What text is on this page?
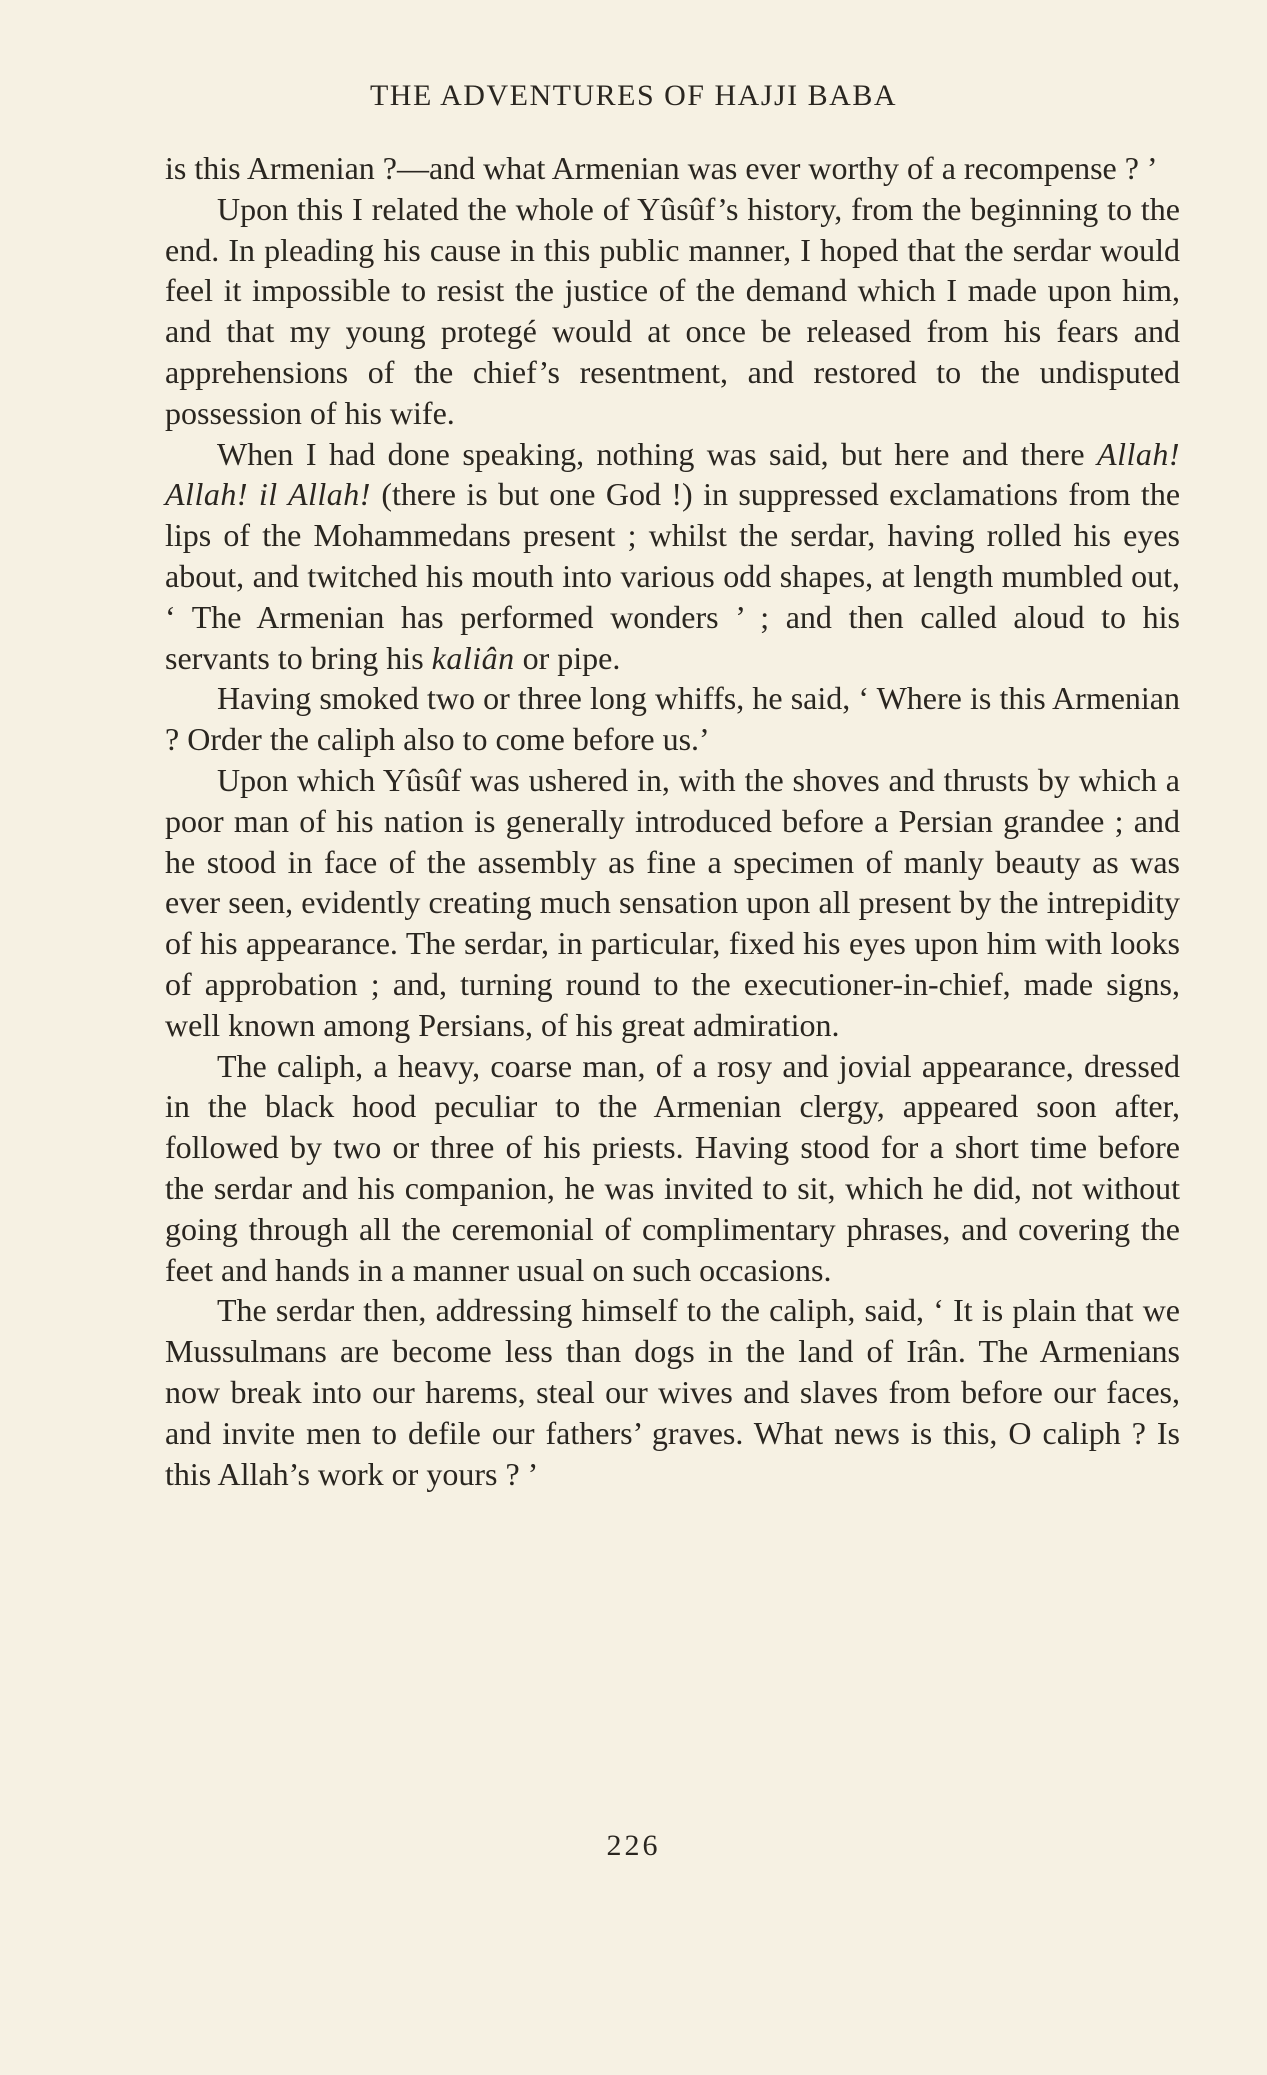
THE ADVENTURES OF HAJJI BABA

is this Armenian ?—and what Armenian was ever worthy of a recompense ? ’

Upon this I related the whole of Yûsûf’s history, from the beginning to the end. In pleading his cause in this public manner, I hoped that the serdar would feel it impossible to resist the justice of the demand which I made upon him, and that my young protegé would at once be released from his fears and apprehensions of the chief’s resentment, and restored to the undisputed possession of his wife.

When I had done speaking, nothing was said, but here and there Allah! Allah! il Allah! (there is but one God !) in suppressed exclamations from the lips of the Mohammedans present ; whilst the serdar, having rolled his eyes about, and twitched his mouth into various odd shapes, at length mumbled out, ‘ The Armenian has performed wonders ’ ; and then called aloud to his servants to bring his kaliân or pipe.

Having smoked two or three long whiffs, he said, ‘ Where is this Armenian ? Order the caliph also to come before us.’

Upon which Yûsûf was ushered in, with the shoves and thrusts by which a poor man of his nation is generally introduced before a Persian grandee ; and he stood in face of the assembly as fine a specimen of manly beauty as was ever seen, evidently creating much sensation upon all present by the intrepidity of his appearance. The serdar, in particular, fixed his eyes upon him with looks of approbation ; and, turning round to the executioner-in-chief, made signs, well known among Persians, of his great admiration.

The caliph, a heavy, coarse man, of a rosy and jovial appearance, dressed in the black hood peculiar to the Armenian clergy, appeared soon after, followed by two or three of his priests. Having stood for a short time before the serdar and his companion, he was invited to sit, which he did, not without going through all the ceremonial of complimentary phrases, and covering the feet and hands in a manner usual on such occasions.

The serdar then, addressing himself to the caliph, said, ‘ It is plain that we Mussulmans are become less than dogs in the land of Irân. The Armenians now break into our harems, steal our wives and slaves from before our faces, and invite men to defile our fathers’ graves. What news is this, O caliph ? Is this Allah’s work or yours ? ’

226
